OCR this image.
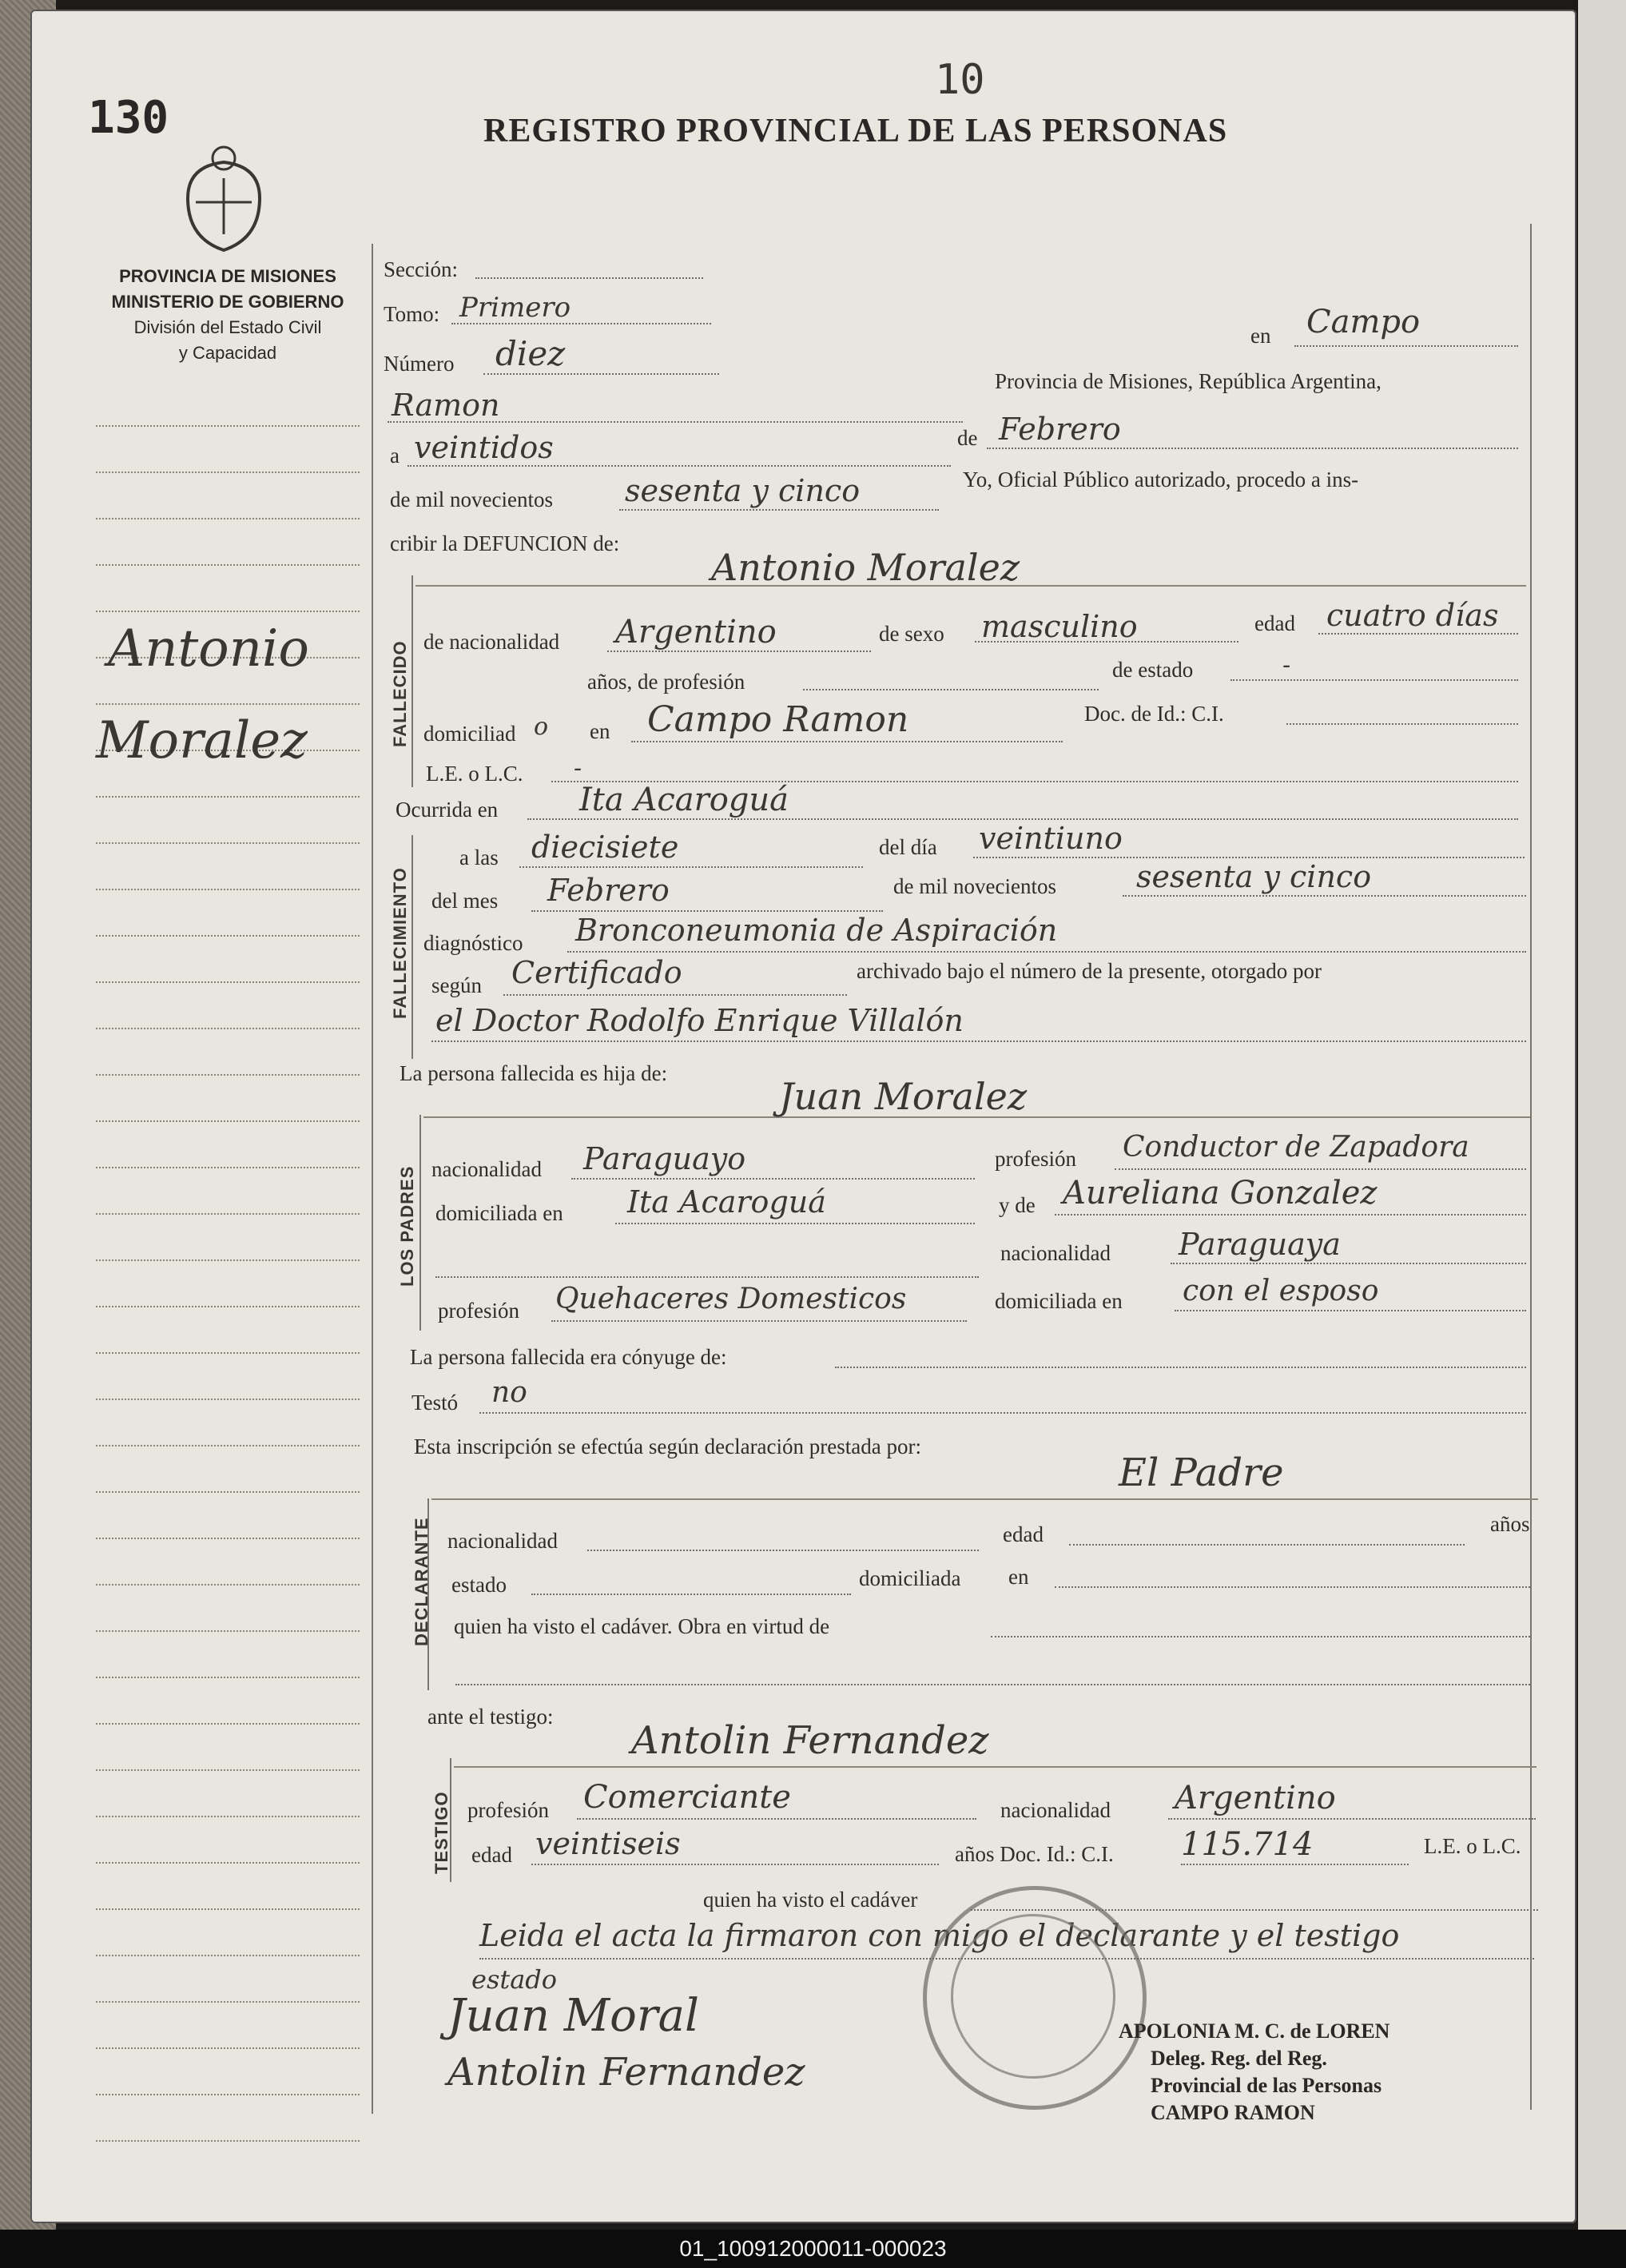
10
130	REGISTRO PROVINCIAL DE LAS PERSONAS
PROVINCIA DE MISIONES
MINISTERIO DE GOBIERNO
División del Estado Civil
y Capacidad
Antonio
Moralez
Sección:
Tomo: Primero
en Campo
Número diez
Ramon
Provincia de Misiones, República Argentina,
a veintidos	de Febrero
de mil novecientos sesenta y cinco	Yo, Oficial Público autorizado, procedo a ins-
cribir la DEFUNCION de:
FALLECIDO
Antonio Moralez
de nacionalidad Argentino	de sexo masculino	edad cuatro días
años, de profesión	de estado	-
domiciliad o en Campo Ramon	Doc. de Id.: C.I.
L.E. o L.C. -
Ocurrida en	Ita Acaroguá
FALLECIMIENTO
a las diecisiete	del día veintiuno
del mes Febrero	de mil novecientos	sesenta y cinco
diagnóstico Bronconeumonia de Aspiración
según Certificado	archivado bajo el número de la presente, otorgado por
el Doctor Rodolfo Enrique Villalón
La persona fallecida es hija de:
LOS PADRES
Juan Moralez
nacionalidad Paraguayo	profesión Conductor de Zapadora
domiciliada en Ita Acaroguá	y de Aureliana Gonzalez
nacionalidad Paraguaya
profesión Quehaceres Domesticos	domiciliada en con el esposo
La persona fallecida era cónyuge de:
Testó no
Esta inscripción se efectúa según declaración prestada por:
DECLARANTE
El Padre
nacionalidad	edad	años
estado	domiciliada en
quien ha visto el cadáver. Obra en virtud de
ante el testigo:
TESTIGO
Antolin Fernandez
profesión Comerciante	nacionalidad Argentino
edad veintiseis	años Doc. Id.: C.I. 115.714	L.E. o L.C.
quien ha visto el cadáver
Leida el acta la firmaron con migo el declarante y el testigo
estado
Juan Moral
Antolin Fernandez
APOLONIA M. C. de LOREN
Deleg. Reg. del Reg.
Provincial de las Personas
CAMPO RAMON
01_100912000011-000023
